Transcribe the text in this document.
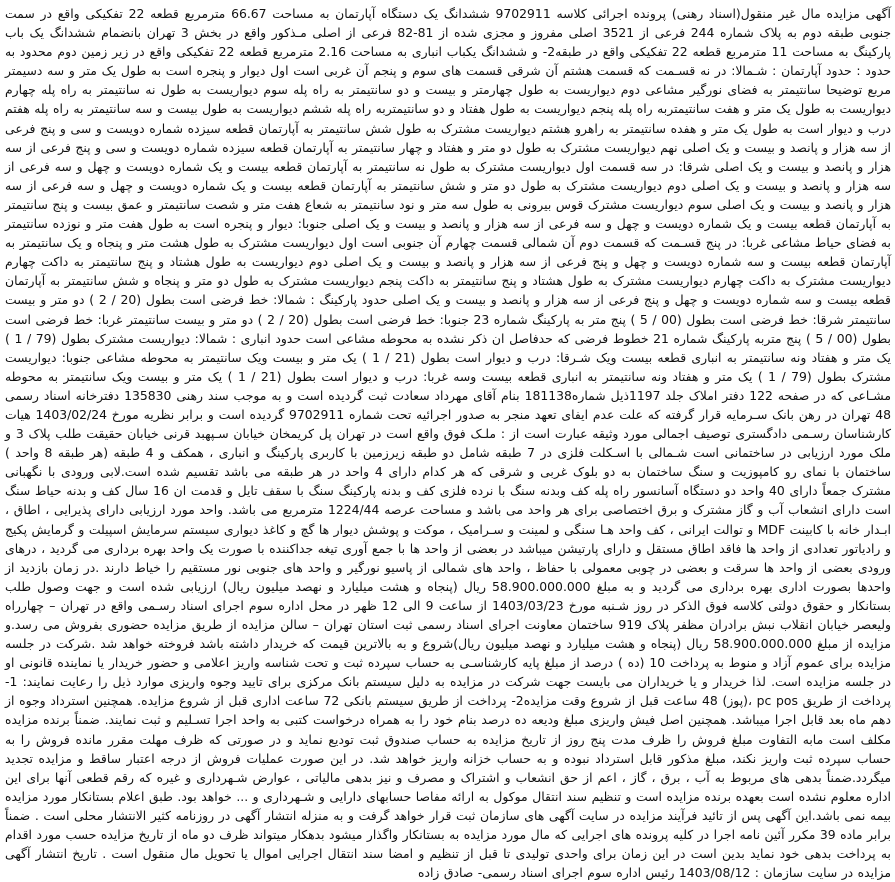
آگهی مزایده مال غیر منقول(اسناد رهنی) پرونده اجرائی کلاسه 9702911 ششدانگ یک دستگاه آپارتمان به مساحت 66.67 مترمربع قطعه 22 تفکیکی واقع در سمت جنوبی طبقه دوم به پلاک شماره 244 فرعی از 3521 اصلی مفروز و مجزی شده از 81-82 فرعی از اصلی مـذکور واقع در بخش 3 تهران بانضمام ششدانگ یک باب پارکینگ به مساحت 11 مترمربع قطعه 22 تفکیکی واقع در طبقه2- و ششدانگ یکباب انباری به مساحت 2.16 مترمربع قطعه 22 تفکیکی واقع در زیر زمین دوم محدود به حدود : حدود آپارتمان : شـمالا: در نه قسـمت که قسمت هشتم آن شرقی قسمت های سوم و پنجم آن غربی است اول دیوار و پنجره است به طول یک متر و سه دسیمتر مربع توضیحا سانتیمتر به فضای نورگیر مشاعی دوم دیواریست به طول چهارمتر و بیست و دو سانتیمتر به راه پله سوم دیواریست به طول نه سانتیمتر به راه پله چهارم دیواریست به طول یک متر و هفت سانتیمتربه راه پله پنجم دیواریست به طول هفتاد و دو سانتیمتربه راه پله ششم دیواریست به طول بیست و سه سانتیمتر به راه پله هفتم درب و دیوار است به طول یک متر و هفده سانتیمتر به راهرو هشتم دیواریست مشترک به طول شش سانتیمتر به آپارتمان قطعه سیزده شماره دویست و سی و پنج فرعی از سه هزار و پانصد و بیست و یک اصلی نهم دیواریست مشترک به طول دو متر و هفتاد و چهار سانتیمتر به آپارتمان قطعه سیزده شماره دویست و سی و پنج فرعی از سه هزار و پانصد و بیست و یک اصلی شرقا: در سه قسمت اول دیواریست مشترک به طول نه سانتیمتر به آپارتمان قطعه بیست و یک شماره دویست و چهل و سه فرعی از سه هزار و پانصد و بیست و یک اصلی دوم دیواریست مشترک به طول دو متر و شش سانتیمتر به آپارتمان قطعه بیست و یک شماره دویست و چهل و سه فرعی از سه هزار و پانصد و بیست و یک اصلی سوم دیواریست مشترک قوس بیرونی به طول سه متر و نود سانتیمتر به شعاع هفت متر و شصت سانتیمتر و عمق بیست و پنج سانتیمتر به آپارتمان قطعه بیست و یک شماره دویست و چهل و سه فرعی از سه هزار و پانصد و بیست و یک اصلی جنوبا: دیوار و پنجره است به طول هفت متر و نوزده سانتیمتر به فضای حیاط مشاعی غربا: در پنج قسـمت که قسمت دوم آن شمالی قسمت چهارم آن جنوبی است اول دیواریست مشترک به طول هشت متر و پنجاه و یک سانتیمتر به آپارتمان قطعه بیست و سه شماره دویست و چهل و پنج فرعی از سه هزار و پانصد و بیست و یک اصلی دوم دیواریست به طول هشتاد و پنج سانتیمتر به داکت چهارم دیواریست مشترک به داکت چهارم دیواریست مشترک به طول هشتاد و پنج سانتیمتر به داکت پنجم دیواریست مشترک به طول دو متر و پنجاه و شش سانتیمتر به آپارتمان قطعه بیست و سه شماره دویست و چهل و پنج فرعی از سه هزار و پانصد و بیست و یک اصلی حدود پارکینگ : شمالا: خط فرضی است بطول (20 / 2 ) دو متر و بیست سانتیمتر شرقا: خط فرضی است بطول (00 / 5 ) پنج متر به پارکینگ شماره 23 جنوبا: خط فرضی است بطول (20 / 2 ) دو متر و بیست سانتیمتر غربا: خط فرضی است بطول (00 / 5 ) پنج متربه پارکینگ شماره 21 خطوط فرضی که حدفاصل ان ذکر نشده به محوطه مشاعی است حدود انباری : شمالا: دیواریست مشترک بطول (79 / 1 ) یک متر و هفتاد ونه سانتیمتر به انباری قطعه بیست ویک شـرقا: درب و دیوار است بطول (21 / 1 ) یک متر و بیست ویک سانتیمتر به محوطه مشاعی جنوبا: دیواریست مشترک بطول (79 / 1 ) یک متر و هفتاد ونه سانتیمتر به انباری قطعه بیست وسه غربا: درب و دیوار است بطول (21 / 1 ) یک متر و بیست ویک سانتیمتر به محوطه مشـاعی که در صفحه 122 دفتر املاک جلد 1197ذیل شماره181138 بنام آقای مهرداد سعادت ثبت گردیده است و به موجب سند رهنی 135830 دفترخانه اسناد رسمی 48 تهران در رهن بانک سـرمایه قرار گرفته که علت عدم ایفای تعهد منجر به صدور اجرائیه تحت شماره 9702911 گردیده است و برابر نظریه مورخ 1403/02/24 هیات کارشناسان رسـمی دادگستری توصیف اجمالی مورد وثیقه عبارت است از : ملـک فوق واقع است در تهران پل کریمخان خیابان سـپهبد قرنی خیابان حقیقت طلب پلاک 3 و ملک مورد ارزیابی در ساختمانی است شـمالی با اسـکلت فلزی در 7 طبقه شامل دو طبقه زیرزمین با کاربری پارکینگ و انباری ، همکف و 4 طبقه (هر طبقه 8 واحد ) ساختمان با نمای رو کامپوزیت و سنگ ساختمان به دو بلوک غربی و شرقی که هر کدام دارای 4 واحد در هر طبقه می باشد تقسیم شده است.لابی ورودی با نگهبانی مشترک جمعاً دارای 40 واحد دو دستگاه آسانسور راه پله کف وبدنه سنگ با نرده فلزی کف و بدنه پارکینگ سنگ با سقف تایل و قدمت ان 16 سال کف و بدنه حیاط سنگ است دارای انشعاب آب و گاز مشترک و برق اختصاصی برای هر واحد می باشد و مساحت عرصه 1224/44 مترمربع می باشد. واحد مورد ارزیابی دارای پذیرایی ، اطاق ، ابـدار خانه با کابینت MDF و توالت ایرانی ، کف واحد هـا سنگی و لمینت و سـرامیک ، موکت و پوشش دیوار ها گچ و کاغذ دیواری سیستم سرمایش اسپیلت و گرمایش پکیج و رادیاتور تعدادی از واحد ها فاقد اطاق مستقل و دارای پارتیشن میباشد در بعضی از واحد ها با جمع آوری تیغه جداکننده با صورت یک واحد بهره برداری می گردید ، درهای ورودی بعضی از واحد ها سرقت و بعضی در چوبی معمولی با حفاظ ، واحد های شمالی از پاسیو نورگیر و واحد های جنوبی نور مستقیم را خیاط دارند .در زمان بازدید از واحدها بصورت اداری بهره برداری می گردید و به مبلغ 58.900.000.000 ریال (پنجاه و هشت میلیارد و نهصد میلیون ریال) ارزیابی شده است و جهت وصول طلب بستانکار و حقوق دولتی کلاسه فوق الذکر در روز شـنبه مورخ 1403/03/23 از ساعت 9 الی 12 ظهر در محل اداره سوم اجرای اسناد رسـمی واقع در تهران – چهارراه ولیعصر خیابان انقلاب نبش برادران مظفر پلاک 919 ساختمان معاونت اجرای اسناد رسمی ثبت استان تهران – سالن مزایده از طریق مزایده حضوری بفروش می رسد.و مزایده از مبلغ 58.900.000.000 ریال (پنجاه و هشت میلیارد و نهصد میلیون ریال)شروع و به بالاترین قیمت که خریدار داشته باشد فروخته خواهد شد .شرکت در جلسه مزایده برای عموم آزاد و منوط به پرداخت 10 (ده ) درصد از مبلغ پایه کارشناسـی به حساب سپرده ثبت و تحت شناسه واریز اعلامی و حضور خریدار یا نماینده قانونی او در جلسه مزایده است. لذا خریدار و یا خریداران می بایست جهت شرکت در مزایده به دلیل سیستم بانک مرکزی برای تایید وجوه واریزی موارد ذیل را رعایت نمایند: 1- پرداخت از طریق pc pos ،(پوز) 48 ساعت قبل از شروع وقت مزایده2- پرداخت از طریق سیستم بانکی 72 ساعت اداری قبل از شروع مزایده. همچنین استرداد وجوه از دهم ماه بعد قابل اجرا میباشد. همچنین اصل فیش واریزی مبلغ ودیعه ده درصد بنام خود را به همراه درخواست کتبی به واحد اجرا تسـلیم و ثبت نمایند. ضمناً برنده مزایده مکلف است مابه التفاوت مبلغ فروش را ظرف مدت پنج روز از تاریخ مزایده به حساب صندوق ثبت تودیع نماید و در صورتی که ظرف مهلت مقرر مانده فروش را به حساب سپرده ثبت واریز نکند، مبلغ مذکور قابل استرداد نبوده و به حساب خزانه واریز خواهد شد. در این صورت عملیات فروش از درجه اعتبار ساقط و مزایده تجدید میگردد.ضمناً بدهی های مربوط به آب ، برق ، گاز ، اعم از حق انشعاب و اشتراک و مصرف و نیز بدهی مالیاتی ، عوارض شـهرداری و غیره که رقم قطعی آنها برای این اداره معلوم نشده است بعهده برنده مزایده است و تنظیم سند انتقال موکول به ارائه مفاصا حسابهای دارایی و شـهرداری و ... خواهد بود. طبق اعلام بستانکار مورد مزایده بیمه نمی باشد.این آگهی پس از تائید فرآیند مزایده در سایت آگهی های سازمان ثبت قرار خواهد گرفت و به منزله انتشار آگهی در روزنامه کثیر الانتشار محلی است . ضمناً برابر ماده 39 مکرر آئین نامه اجرا در کلیه پرونده های اجرایی که مال مورد مزایده به بستانکار واگذار میشود بدهکار میتواند ظرف دو ماه از تاریخ مزایده حسب مورد اقدام به پرداخت بدهی خود نماید بدین است در این زمان برای واحدی تولیدی تا قبل از تنظیم و امضا سند انتقال اجرایی اموال یا تحویل مال منقول است . تاریخ انتشار آگهی مزایده در سایت سازمان : 1403/08/12 رئیس اداره سوم اجرای اسناد رسمی- صادق زاده
